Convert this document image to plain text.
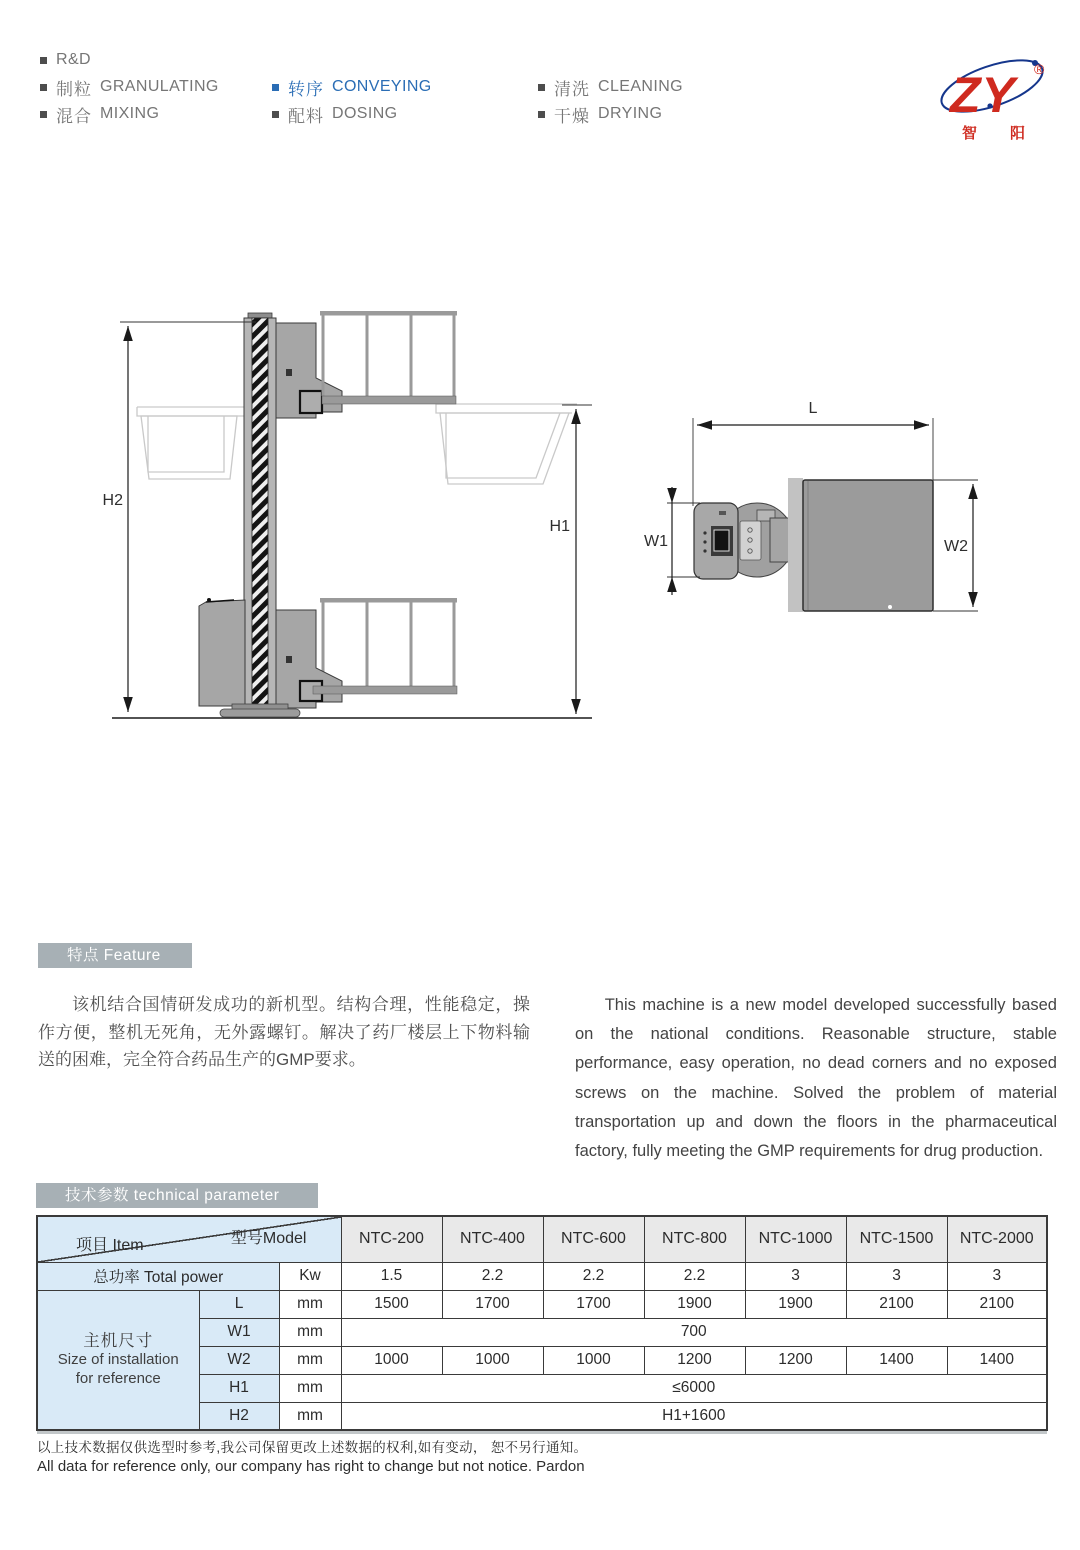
R&D
制粒 GRANULATING
混合 MIXING
转序 CONVEYING
配料 DOSING
清洗 CLEANING
干燥 DRYING	ZY ®
智 阳
H2
H1
L
W1	W2
特点 Feature

该机结合国情研发成功的新机型。结构合理，性能稳定，操作方便，整机无死角，无外露螺钉。解决了药厂楼层上下物料输送的困难，完全符合药品生产的GMP要求。

This machine is a new model developed successfully based on the national conditions. Reasonable structure, stable performance, easy operation, no dead corners and no exposed screws on the machine. Solved the problem of material transportation up and down the floors in the pharmaceutical factory, fully meeting the GMP requirements for drug production.

技术参数 technical parameter
项目 Item 型号Model			NTC-200	NTC-400	NTC-600	NTC-800	NTC-1000	NTC-1500	NTC-2000
总功率 Total power		Kw	1.5	2.2	2.2	2.2	3	3	3

主机尺寸
Size of installation
for reference	L	mm	1500	1700	1700	1900	1900	2100	2100
	W1	mm	700						
	W2	mm	1000	1000	1000	1200	1200	1400	1400
	H1	mm	≤6000						
	H2	mm	H1+1600						
以上技术数据仅供选型时参考,我公司保留更改上述数据的权利,如有变动， 恕不另行通知。
All data for reference only, our company has right to change but not notice. Pardon
